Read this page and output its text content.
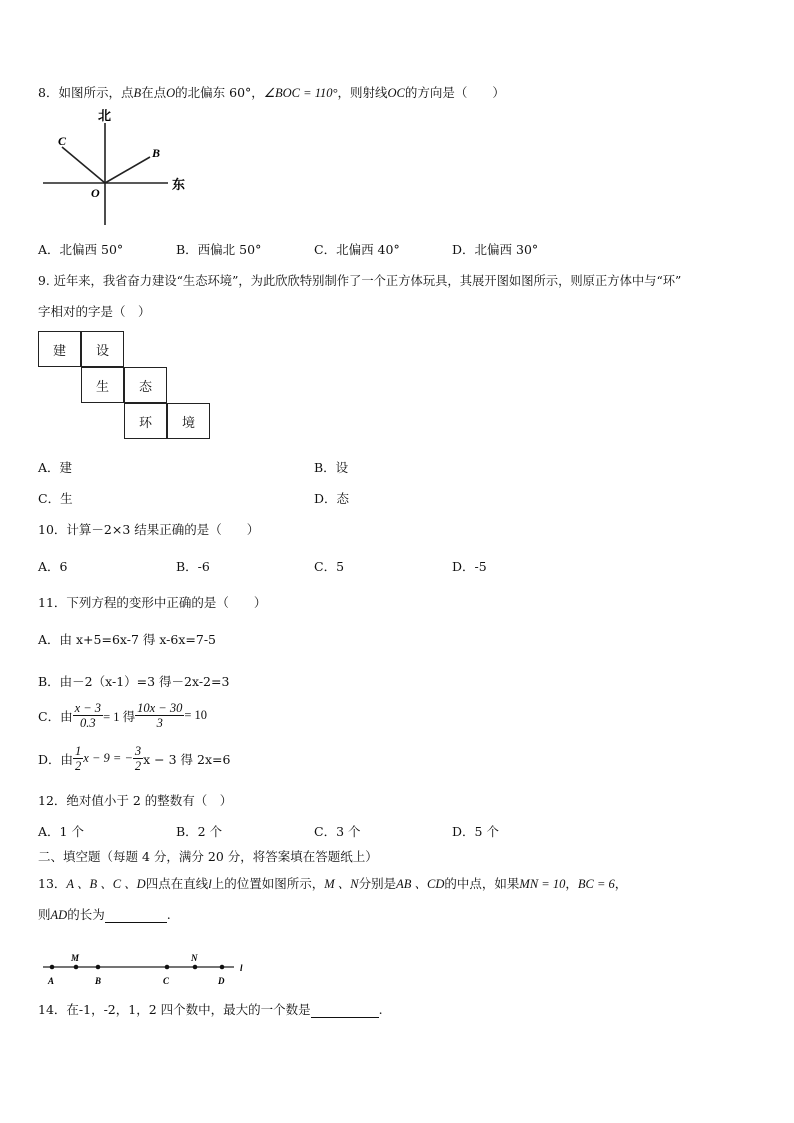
8．如图所示，点B在点O的北偏东 60°，∠BOC = 110°，则射线OC的方向是（　　）
北
东
C
B
O
A．北偏西 50°	B．西偏北 50°	C．北偏西 40°	D．北偏西 30°
9. 近年来，我省奋力建设“生态环境”，为此欣欣特别制作了一个正方体玩具，其展开图如图所示，则原正方体中与“环”
字相对的字是（　）
建	设
生	态
环	境
A．建	B．设
C．生	D．态
10．计算－2×3 结果正确的是（　　）
A．6	B．-6	C．5	D．-5
11．下列方程的变形中正确的是（　　）
A．由 x+5=6x-7 得 x-6x=7-5
B．由－2（x-1）=3 得－2x-2=3
C．由 $\frac{x - 3}{0.3} = 1$ 得 $\frac{10x - 30}{3} = 10$
D．由 $\frac{1}{2}$ x − 9 = − $\frac{3}{2}$ x − 3 得 2x=6
12．绝对值小于 2 的整数有（　）
A．1 个	B．2 个	C．3 个	D．5 个
二、填空题（每题 4 分，满分 20 分，将答案填在答题纸上）
13．A 、B 、C 、D四点在直线l上的位置如图所示，M 、N分别是AB 、CD的中点，如果MN = 10，BC = 6，
则AD的长为	.
A
M
B	C
N
D
l
14．在-1，-2，1，2 四个数中，最大的一个数是	.
